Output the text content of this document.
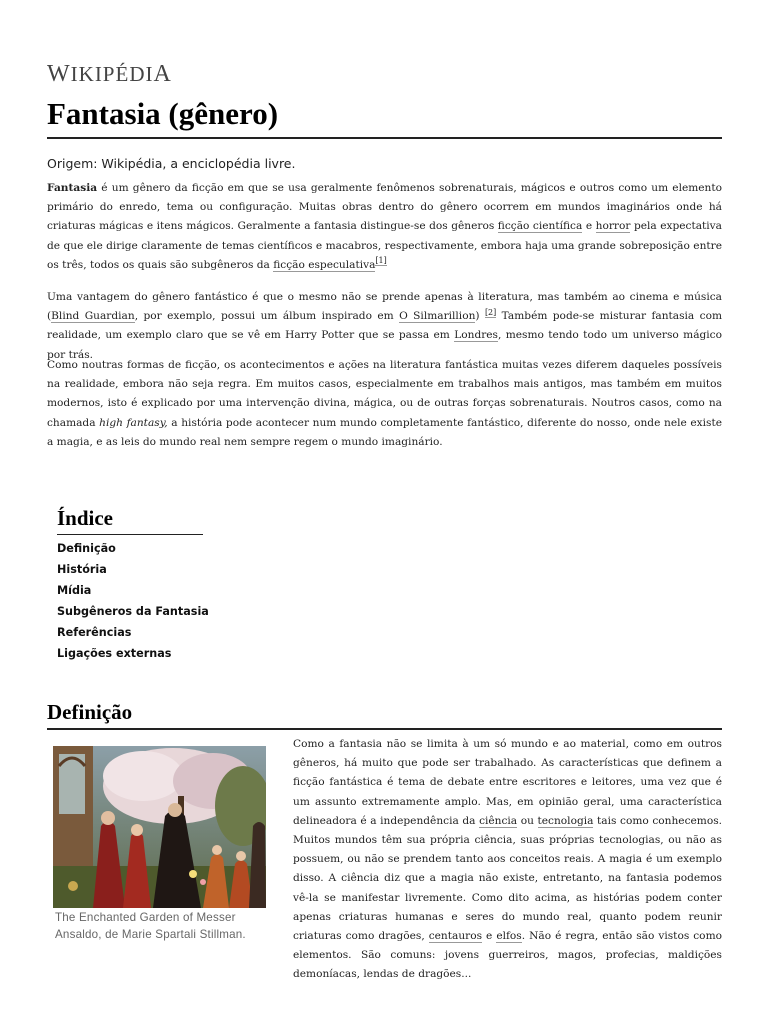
WIKIPÉDIA
Fantasia (gênero)
Origem: Wikipédia, a enciclopédia livre.

Fantasia é um gênero da ficção em que se usa geralmente fenômenos sobrenaturais, mágicos e outros como um elemento primário do enredo, tema ou configuração. Muitas obras dentro do gênero ocorrem em mundos imaginários onde há criaturas mágicas e itens mágicos. Geralmente a fantasia distingue-se dos gêneros ficção científica e horror pela expectativa de que ele dirige claramente de temas científicos e macabros, respectivamente, embora haja uma grande sobreposição entre os três, todos os quais são subgêneros da ficção especulativa[1]

Uma vantagem do gênero fantástico é que o mesmo não se prende apenas à literatura, mas também ao cinema e música (Blind Guardian, por exemplo, possui um álbum inspirado em O Silmarillion) [2] Também pode-se misturar fantasia com realidade, um exemplo claro que se vê em Harry Potter que se passa em Londres, mesmo tendo todo um universo mágico por trás.

Como noutras formas de ficção, os acontecimentos e ações na literatura fantástica muitas vezes diferem daqueles possíveis na realidade, embora não seja regra. Em muitos casos, especialmente em trabalhos mais antigos, mas também em muitos modernos, isto é explicado por uma intervenção divina, mágica, ou de outras forças sobrenaturais. Noutros casos, como na chamada high fantasy, a história pode acontecer num mundo completamente fantástico, diferente do nosso, onde nele existe a magia, e as leis do mundo real nem sempre regem o mundo imaginário.

Índice
Definição
História
Mídia
Subgêneros da Fantasia
Referências
Ligações externas
Definição
The Enchanted Garden of Messer Ansaldo, de Marie Spartali Stillman.

Como a fantasia não se limita à um só mundo e ao material, como em outros gêneros, há muito que pode ser trabalhado. As características que definem a ficção fantástica é tema de debate entre escritores e leitores, uma vez que é um assunto extremamente amplo. Mas, em opinião geral, uma característica delineadora é a independência da ciência ou tecnologia tais como conhecemos. Muitos mundos têm sua própria ciência, suas próprias tecnologias, ou não as possuem, ou não se prendem tanto aos conceitos reais. A magia é um exemplo disso. A ciência diz que a magia não existe, entretanto, na fantasia podemos vê-la se manifestar livremente. Como dito acima, as histórias podem conter apenas criaturas humanas e seres do mundo real, quanto podem reunir criaturas como dragões, centauros e elfos. Não é regra, então são vistos como elementos. São comuns: jovens guerreiros, magos, profecias, maldições demoníacas, lendas de dragões...
